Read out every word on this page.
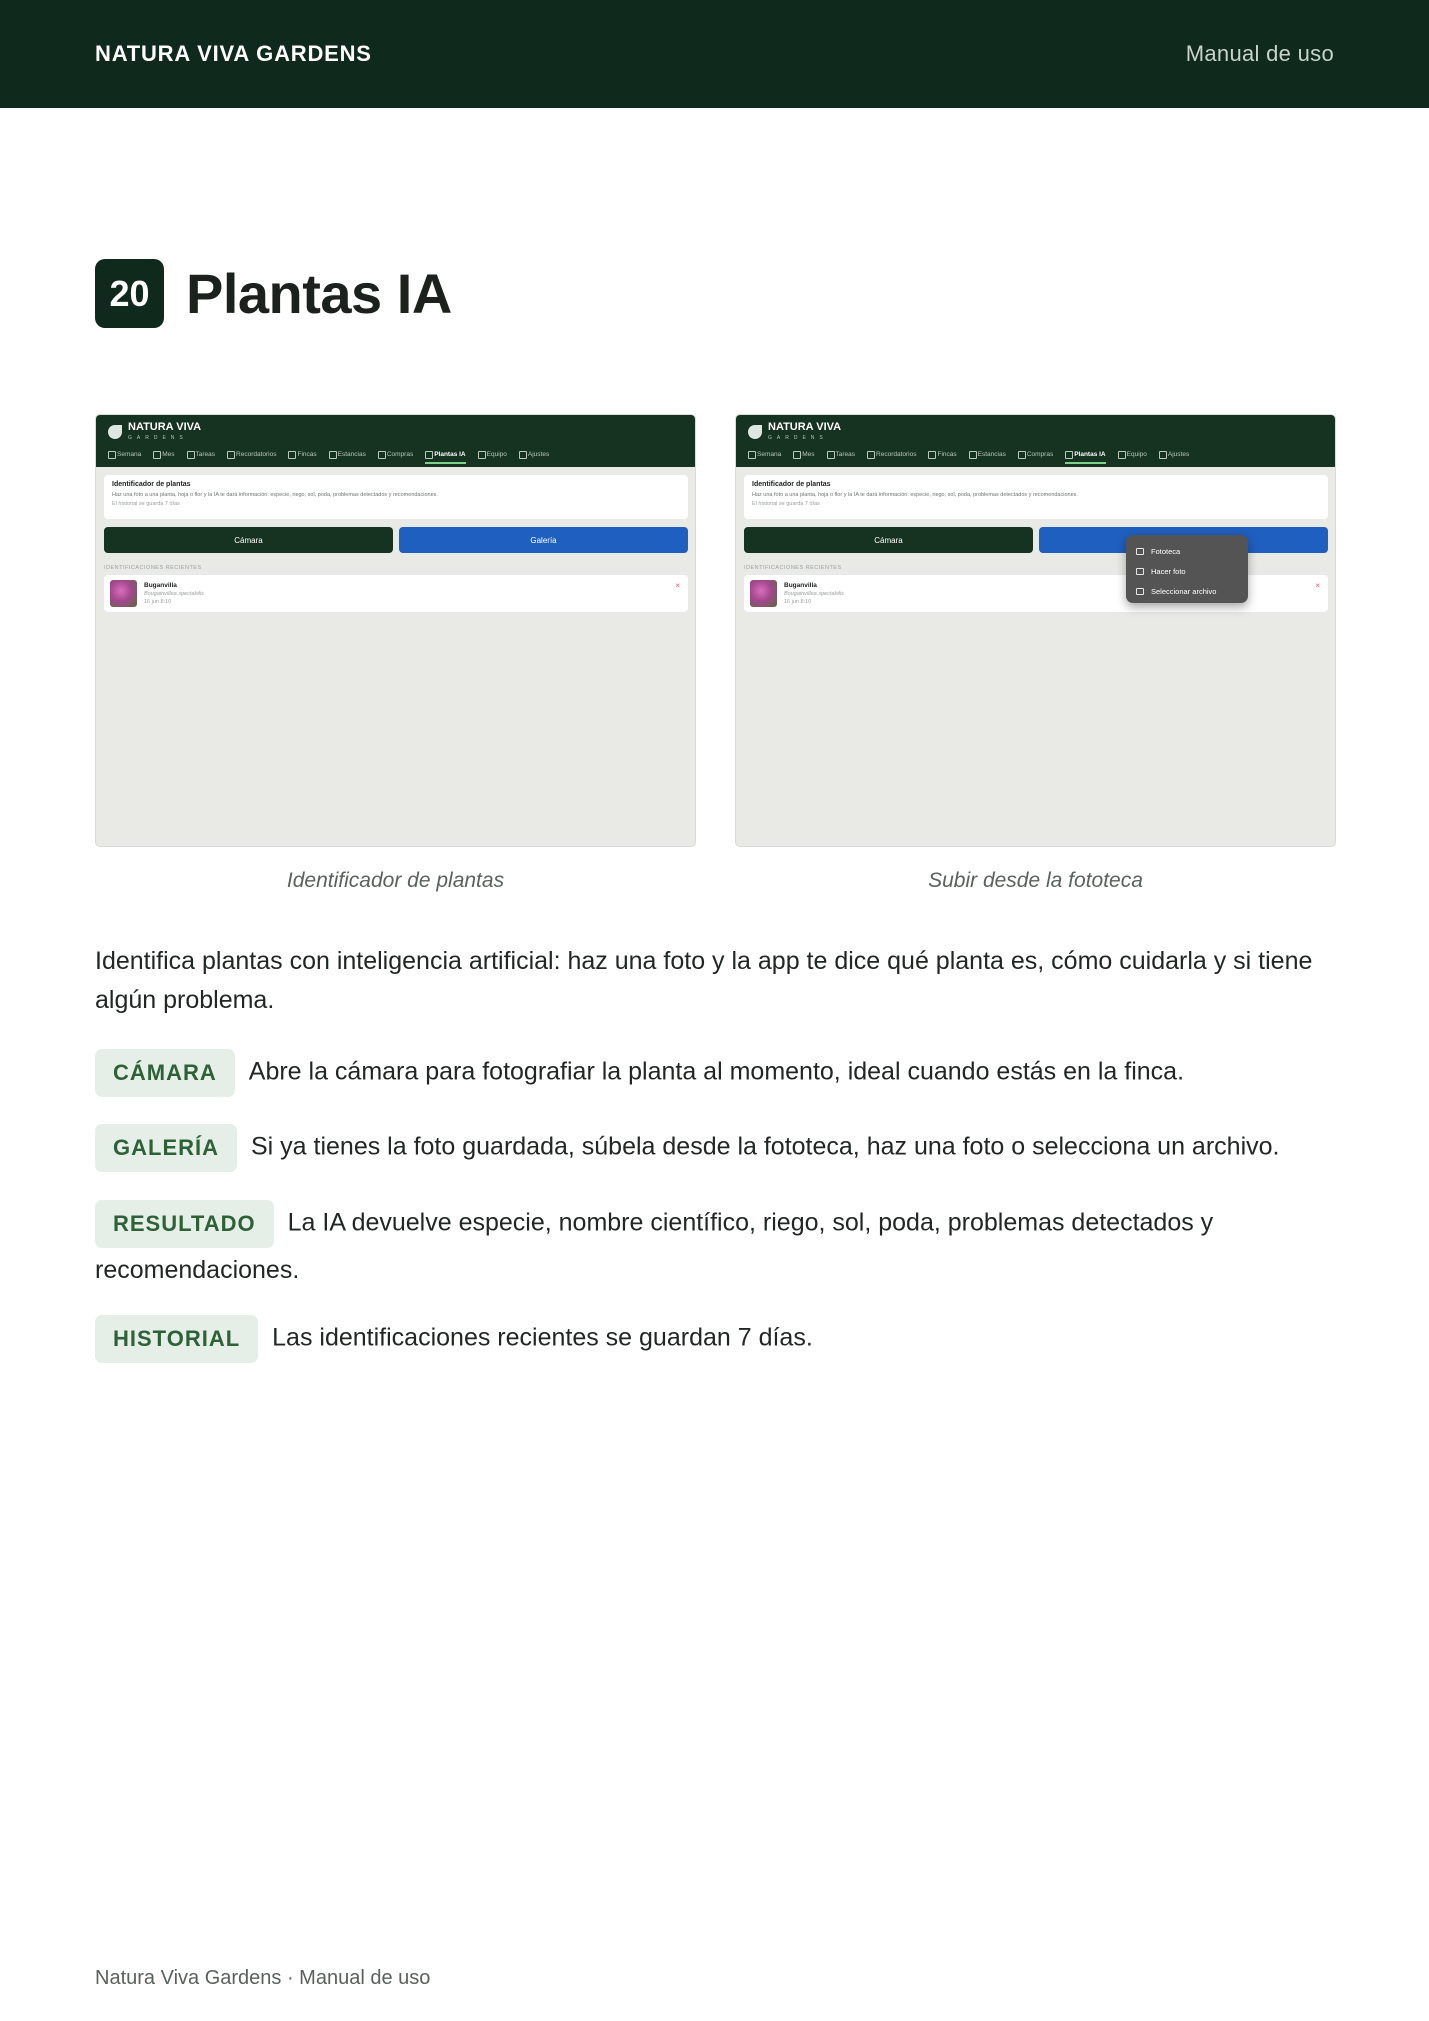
NATURA VIVA GARDENS	Manual de uso
20 Plantas IA
NATURA VIVA
GARDENS
Semana	Mes	Tareas	Recordatorios	Fincas	Estancias	Compras	Plantas IA	Equipo	Ajustes
Identificador de plantas
Haz una foto a una planta, hoja o flor y la IA te dará información: especie, riego, sol, poda, problemas detectados y recomendaciones.
El historial se guarda 7 días
Cámara	Galería
IDENTIFICACIONES RECIENTES
Buganvilla
Bougainvillea spectabilis
16 jun 8:10
×
NATURA VIVA
GARDENS
Semana	Mes	Tareas	Recordatorios	Fincas	Estancias	Compras	Plantas IA	Equipo	Ajustes
Identificador de plantas
Haz una foto a una planta, hoja o flor y la IA te dará información: especie, riego, sol, poda, problemas detectados y recomendaciones.
El historial se guarda 7 días
Cámara
IDENTIFICACIONES RECIENTES
Buganvilla
Bougainvillea spectabilis
16 jun 8:10
×
Fototeca
Hacer foto
Seleccionar archivo
Identificador de plantas	Subir desde la fototeca

Identifica plantas con inteligencia artificial: haz una foto y la app te dice qué planta es, cómo cuidarla y si tiene algún problema.

CÁMARA Abre la cámara para fotografiar la planta al momento, ideal cuando estás en la finca.

GALERÍA Si ya tienes la foto guardada, súbela desde la fototeca, haz una foto o selecciona un archivo.

RESULTADO La IA devuelve especie, nombre científico, riego, sol, poda, problemas detectados y recomendaciones.

HISTORIAL Las identificaciones recientes se guardan 7 días.

Natura Viva Gardens · Manual de uso
